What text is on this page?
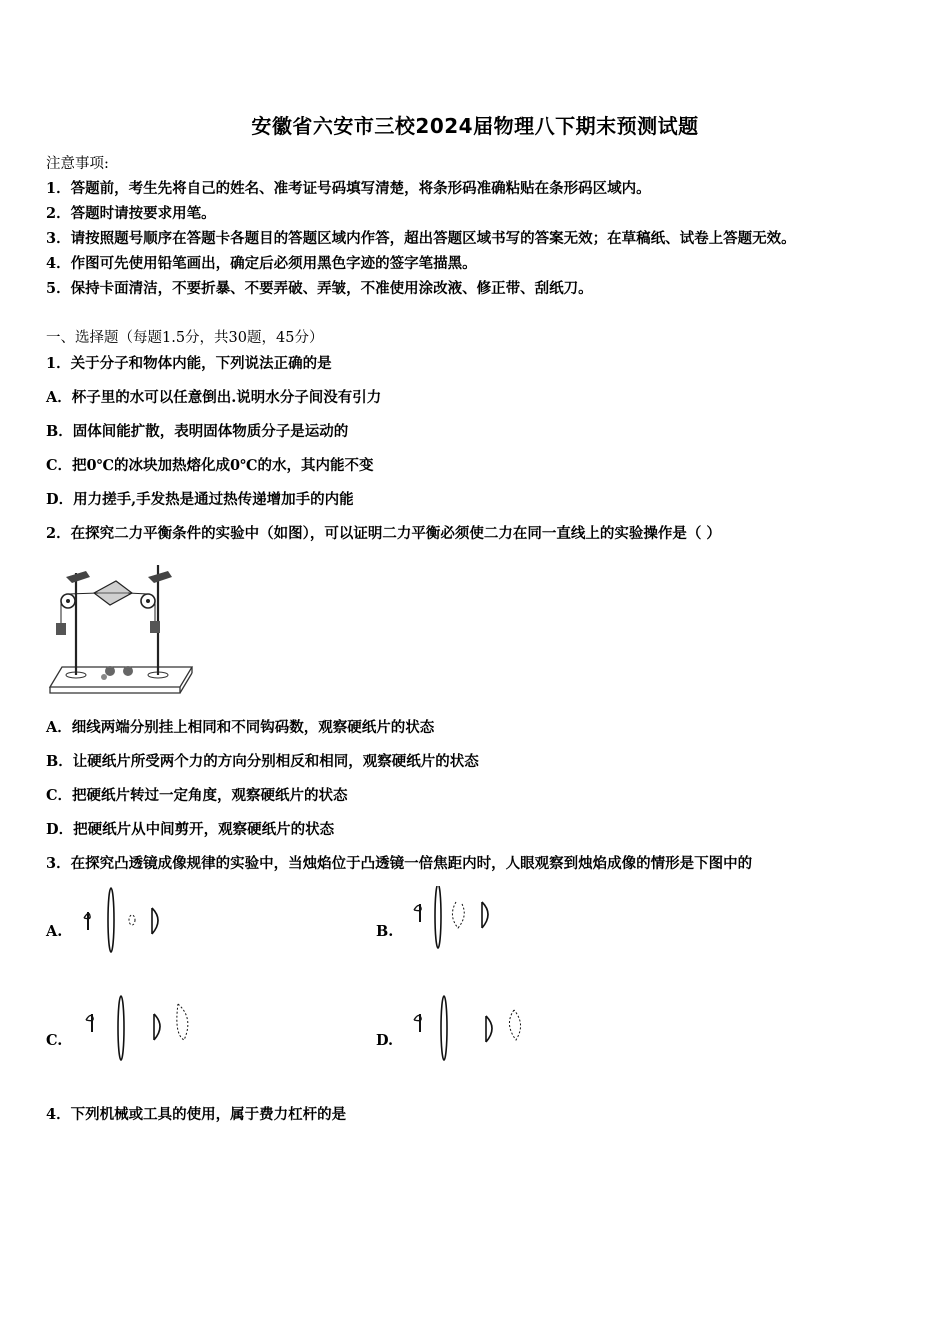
安徽省六安市三校2024届物理八下期末预测试题
注意事项:
1．答题前，考生先将自己的姓名、准考证号码填写清楚，将条形码准确粘贴在条形码区域内。
2．答题时请按要求用笔。
3．请按照题号顺序在答题卡各题目的答题区域内作答，超出答题区域书写的答案无效；在草稿纸、试卷上答题无效。
4．作图可先使用铅笔画出，确定后必须用黑色字迹的签字笔描黑。
5．保持卡面清洁，不要折暴、不要弄破、弄皱，不准使用涂改液、修正带、刮纸刀。
一、选择题（每题1.5分，共30题，45分）
1．关于分子和物体内能，下列说法正确的是
A．杯子里的水可以任意倒出.说明水分子间没有引力
B．固体间能扩散，表明固体物质分子是运动的
C．把0℃的冰块加热熔化成0℃的水，其内能不变
D．用力搓手,手发热是通过热传递增加手的内能
2．在探究二力平衡条件的实验中（如图），可以证明二力平衡必须使二力在同一直线上的实验操作是（ ）
A．细线两端分别挂上相同和不同钩码数，观察硬纸片的状态
B．让硬纸片所受两个力的方向分别相反和相同，观察硬纸片的状态
C．把硬纸片转过一定角度，观察硬纸片的状态
D．把硬纸片从中间剪开，观察硬纸片的状态
3．在探究凸透镜成像规律的实验中，当烛焰位于凸透镜一倍焦距内时，人眼观察到烛焰成像的情形是下图中的
A.	B.
C.	D.
4．下列机械或工具的使用，属于费力杠杆的是
